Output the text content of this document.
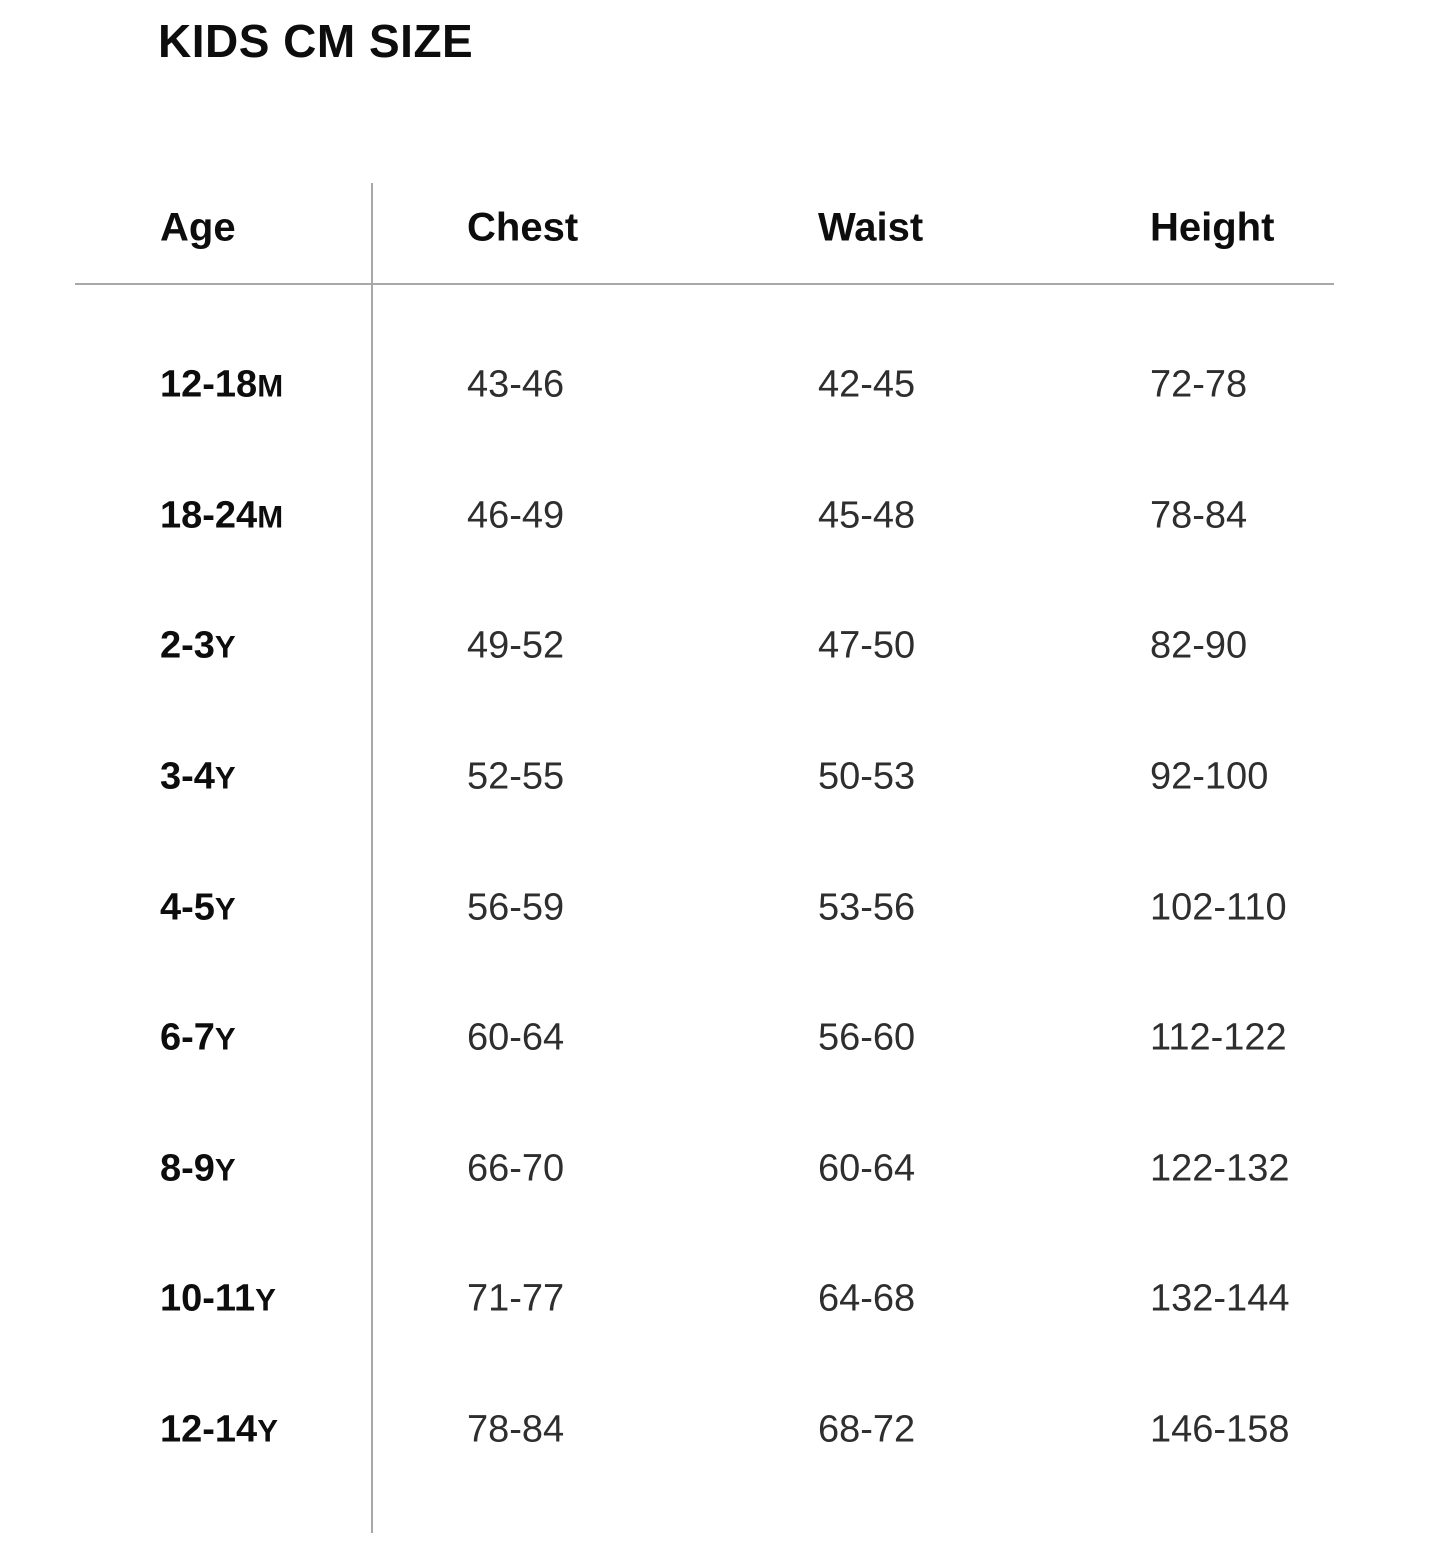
KIDS CM SIZE
Age	Chest	Waist	Height
12-18M	43-46	42-45	72-78
18-24M	46-49	45-48	78-84
2-3Y	49-52	47-50	82-90
3-4Y	52-55	50-53	92-100
4-5Y	56-59	53-56	102-110
6-7Y	60-64	56-60	112-122
8-9Y	66-70	60-64	122-132
10-11Y	71-77	64-68	132-144
12-14Y	78-84	68-72	146-158
